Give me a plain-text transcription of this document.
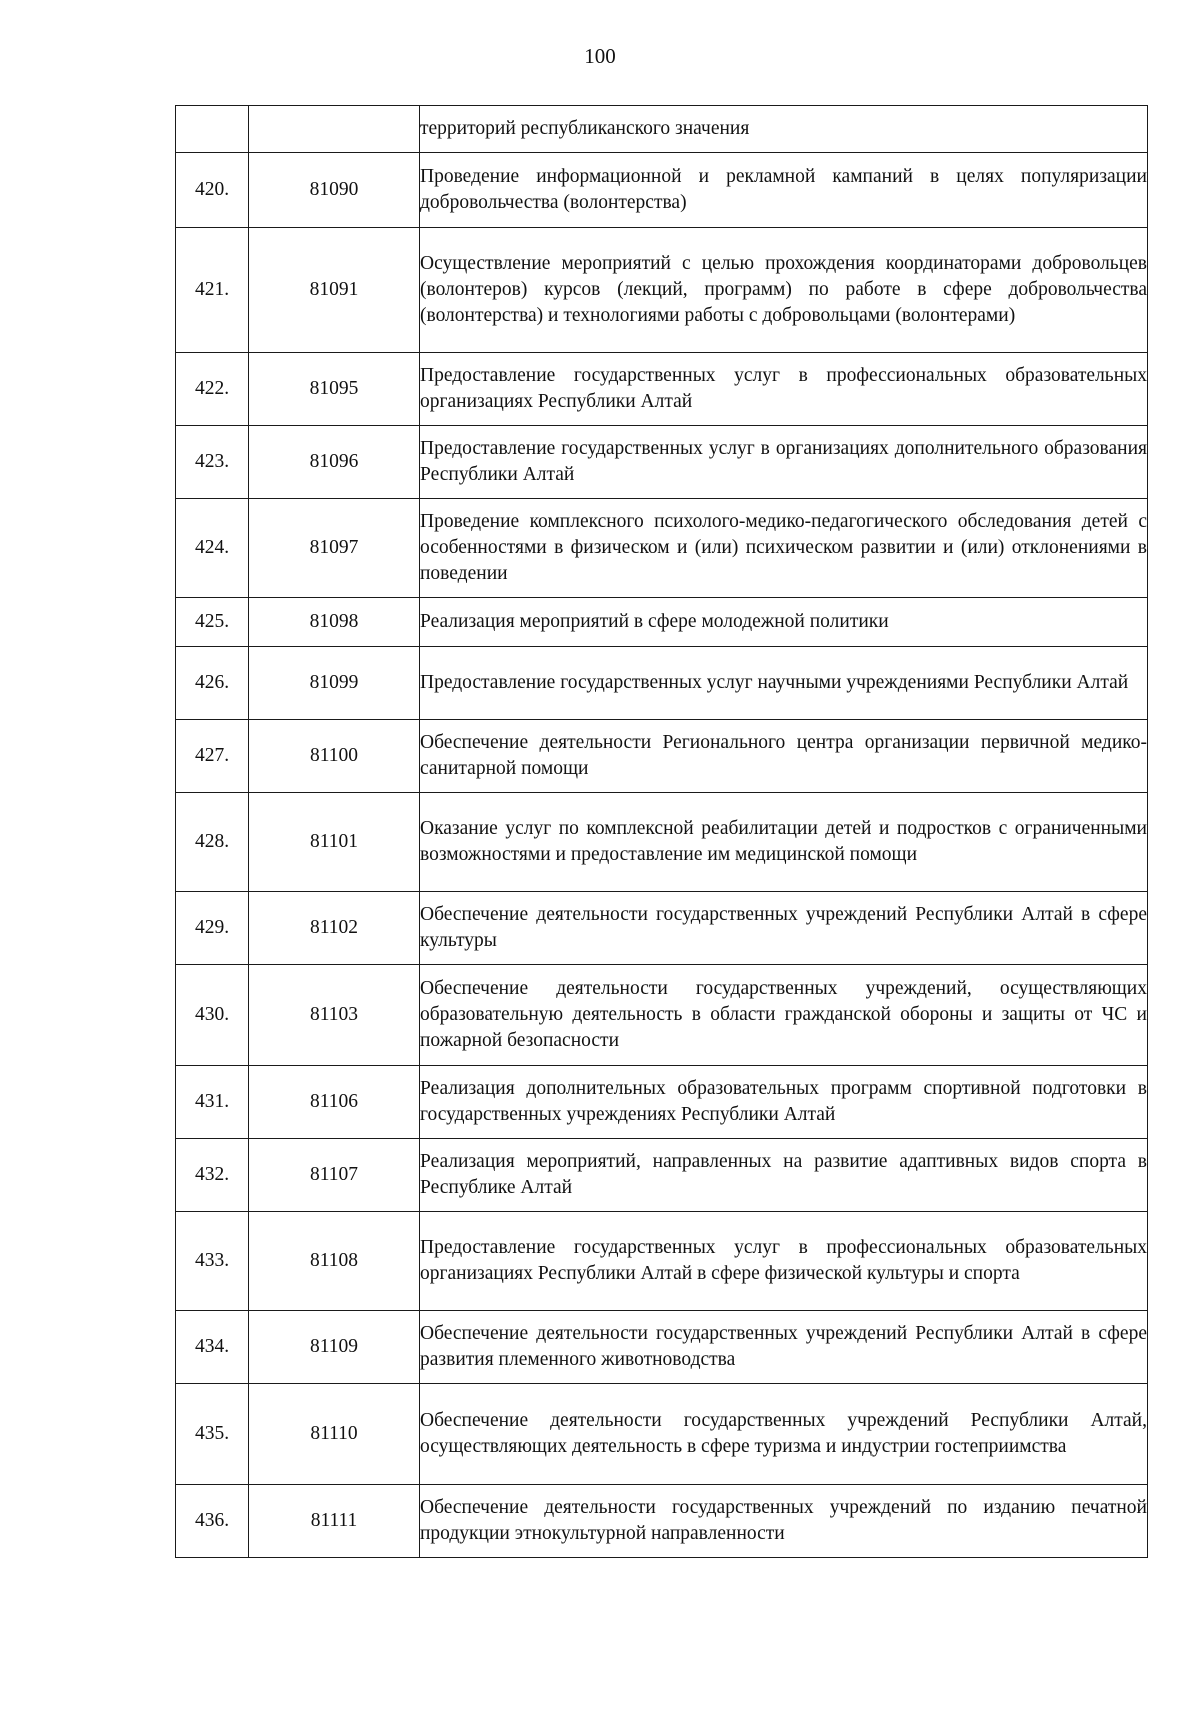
100
		территорий республиканского значения
420.	81090	Проведение информационной и рекламной кампаний в целях популяризации добровольчества (волонтерства)
421.	81091	Осуществление мероприятий с целью прохождения координаторами добровольцев (волонтеров) курсов (лекций, программ) по работе в сфере добровольчества (волонтерства) и технологиями работы с добровольцами (волонтерами)
422.	81095	Предоставление государственных услуг в профессиональных образовательных организациях Республики Алтай
423.	81096	Предоставление государственных услуг в организациях дополнительного образования Республики Алтай
424.	81097	Проведение комплексного психолого-медико-педагогического обследования детей с особенностями в физическом и (или) психическом развитии и (или) отклонениями в поведении
425.	81098	Реализация мероприятий в сфере молодежной политики
426.	81099	Предоставление государственных услуг научными учреждениями Республики Алтай
427.	81100	Обеспечение деятельности Регионального центра организации первичной медико-санитарной помощи
428.	81101	Оказание услуг по комплексной реабилитации детей и подростков с ограниченными возможностями и предоставление им медицинской помощи
429.	81102	Обеспечение деятельности государственных учреждений Республики Алтай в сфере культуры
430.	81103	Обеспечение деятельности государственных учреждений, осуществляющих образовательную деятельность в области гражданской обороны и защиты от ЧС и пожарной безопасности
431.	81106	Реализация дополнительных образовательных программ спортивной подготовки в государственных учреждениях Республики Алтай
432.	81107	Реализация мероприятий, направленных на развитие адаптивных видов спорта в Республике Алтай
433.	81108	Предоставление государственных услуг в профессиональных образовательных организациях Республики Алтай в сфере физической культуры и спорта
434.	81109	Обеспечение деятельности государственных учреждений Республики Алтай в сфере развития племенного животноводства
435.	81110	Обеспечение деятельности государственных учреждений Республики Алтай, осуществляющих деятельность в сфере туризма и индустрии гостеприимства
436.	81111	Обеспечение деятельности государственных учреждений по изданию печатной продукции этнокультурной направленности
